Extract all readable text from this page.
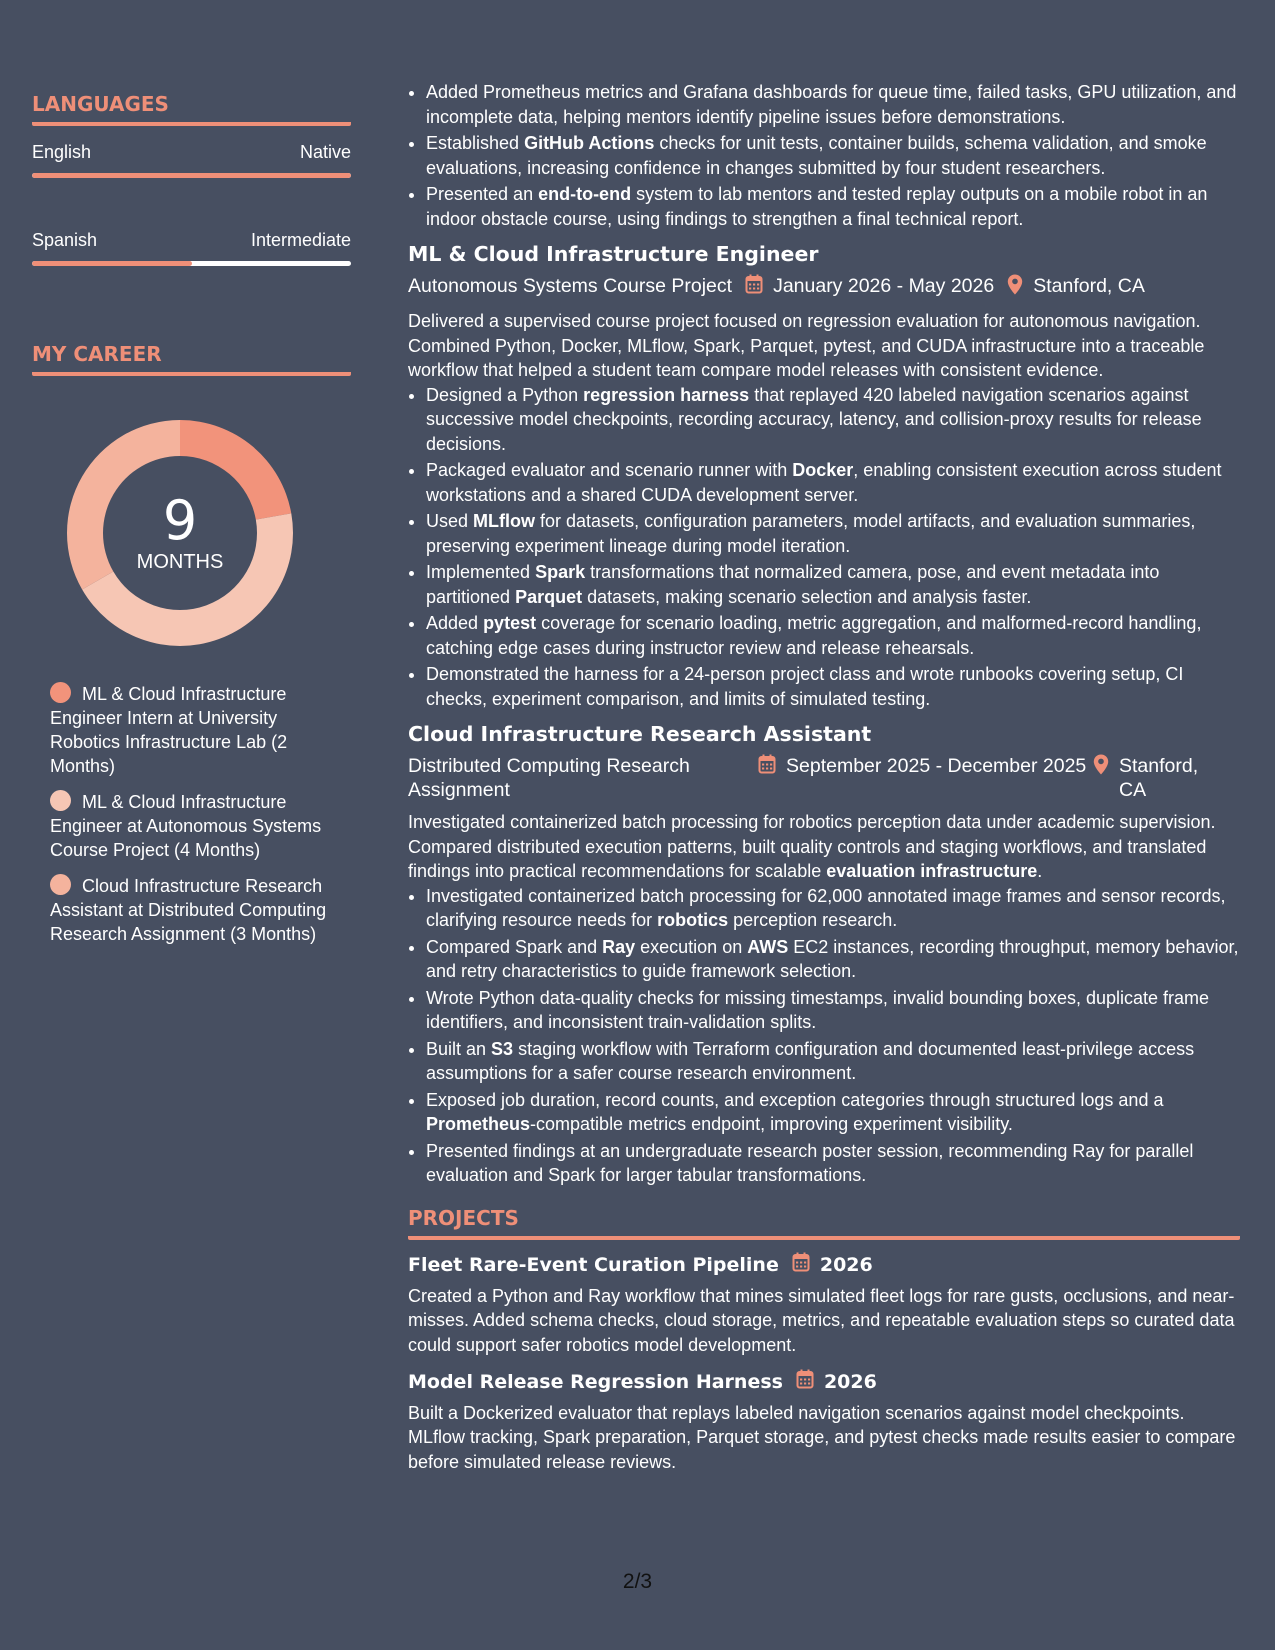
LANGUAGES
English	Native
Spanish	Intermediate
MY CAREER
9
MONTHS
ML & Cloud Infrastructure Engineer Intern at University Robotics Infrastructure Lab (2 Months)
ML & Cloud Infrastructure Engineer at Autonomous Systems Course Project (4 Months)
Cloud Infrastructure Research Assistant at Distributed Computing Research Assignment (3 Months)
• Added Prometheus metrics and Grafana dashboards for queue time, failed tasks, GPU utilization, and incomplete data, helping mentors identify pipeline issues before demonstrations.
• Established GitHub Actions checks for unit tests, container builds, schema validation, and smoke evaluations, increasing confidence in changes submitted by four student researchers.
• Presented an end-to-end system to lab mentors and tested replay outputs on a mobile robot in an indoor obstacle course, using findings to strengthen a final technical report.
ML & Cloud Infrastructure Engineer
Autonomous Systems Course Project January 2026 - May 2026 Stanford, CA

Delivered a supervised course project focused on regression evaluation for autonomous navigation. Combined Python, Docker, MLflow, Spark, Parquet, pytest, and CUDA infrastructure into a traceable workflow that helped a student team compare model releases with consistent evidence.

• Designed a Python regression harness that replayed 420 labeled navigation scenarios against successive model checkpoints, recording accuracy, latency, and collision-proxy results for release decisions.
• Packaged evaluator and scenario runner with Docker, enabling consistent execution across student workstations and a shared CUDA development server.
• Used MLflow for datasets, configuration parameters, model artifacts, and evaluation summaries, preserving experiment lineage during model iteration.
• Implemented Spark transformations that normalized camera, pose, and event metadata into partitioned Parquet datasets, making scenario selection and analysis faster.
• Added pytest coverage for scenario loading, metric aggregation, and malformed-record handling, catching edge cases during instructor review and release rehearsals.
• Demonstrated the harness for a 24-person project class and wrote runbooks covering setup, CI checks, experiment comparison, and limits of simulated testing.
Cloud Infrastructure Research Assistant
Distributed Computing Research Assignment
September 2025 - December 2025 Stanford, CA

Investigated containerized batch processing for robotics perception data under academic supervision. Compared distributed execution patterns, built quality controls and staging workflows, and translated findings into practical recommendations for scalable evaluation infrastructure.

• Investigated containerized batch processing for 62,000 annotated image frames and sensor records, clarifying resource needs for robotics perception research.
• Compared Spark and Ray execution on AWS EC2 instances, recording throughput, memory behavior, and retry characteristics to guide framework selection.
• Wrote Python data-quality checks for missing timestamps, invalid bounding boxes, duplicate frame identifiers, and inconsistent train-validation splits.
• Built an S3 staging workflow with Terraform configuration and documented least-privilege access assumptions for a safer course research environment.
• Exposed job duration, record counts, and exception categories through structured logs and a Prometheus-compatible metrics endpoint, improving experiment visibility.
• Presented findings at an undergraduate research poster session, recommending Ray for parallel evaluation and Spark for larger tabular transformations.
PROJECTS
Fleet Rare-Event Curation Pipeline 2026

Created a Python and Ray workflow that mines simulated fleet logs for rare gusts, occlusions, and near-misses. Added schema checks, cloud storage, metrics, and repeatable evaluation steps so curated data could support safer robotics model development.

Model Release Regression Harness 2026

Built a Dockerized evaluator that replays labeled navigation scenarios against model checkpoints. MLflow tracking, Spark preparation, Parquet storage, and pytest checks made results easier to compare before simulated release reviews.

2/3
